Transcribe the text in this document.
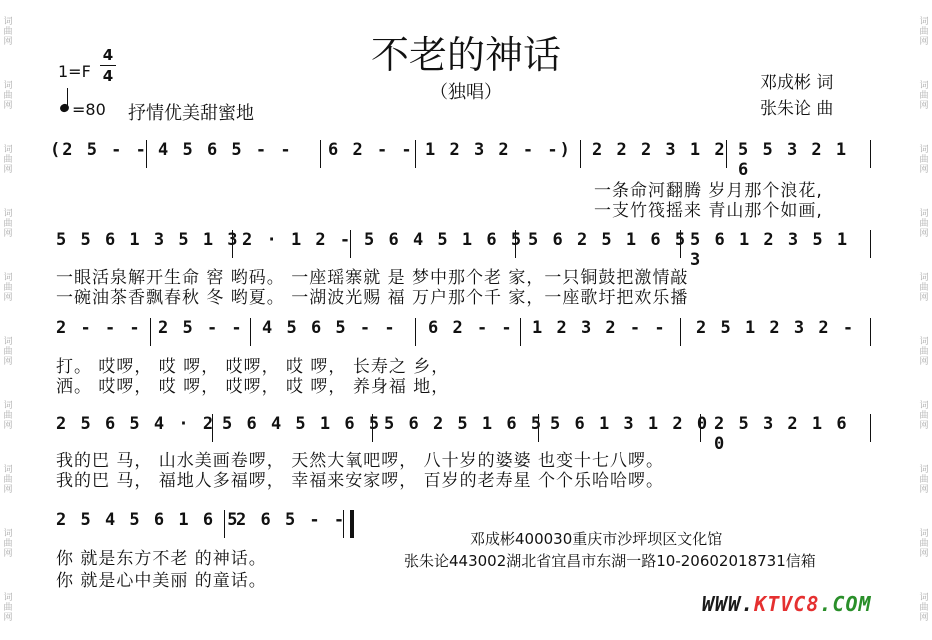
词
曲
网
词
曲
网
词
曲
网
词
曲
网
词
曲
网
词
曲
网
词
曲
网
词
曲
网
词
曲
网
词
曲
网
词
曲
网
词
曲
网
词
曲
网
词
曲
网
词
曲
网
词
曲
网
词
曲
网
词
曲
网
词
曲
网
词
曲
网
不老的神话
（独唱）
1=F
4
4
=80 抒情优美甜蜜地
邓成彬 词
张朱论 曲
(2 5 - - 4 5 6 5 - - 6 2 - - 1 2 3 2 - -) 2 2 2 3 1 2 5 5 3 2 1 6
一条命河翻腾 岁月那个浪花,
一支竹筏摇来 青山那个如画,
5 5 6 1 3 5 1 3 2 · 1 2 - 5 6 4 5 1 6 5 5 6 2 5 1 6 5 5 6 1 2 3 5 1 3
一眼活泉解开生命 窖 哟码。 一座瑶寨就 是 梦中那个老 家，一只铜鼓把激情敲
一碗油茶香飘春秋 冬 哟夏。 一湖波光赐 福 万户那个千 家，一座歌圩把欢乐播
2 - - - 2 5 - - 4 5 6 5 - - 6 2 - - 1 2 3 2 - - 2 5 1 2 3 2 -
打。 哎啰， 哎 啰， 哎啰， 哎 啰， 长寿之 乡，
洒。 哎啰， 哎 啰， 哎啰， 哎 啰， 养身福 地，
2 5 6 5 4 · 2 5 6 4 5 1 6 5 5 6 2 5 1 6 5 5 6 1 3 1 2 0 2 5 3 2 1 6 0
我的巴 马， 山水美画卷啰， 天然大氧吧啰， 八十岁的婆婆 也变十七八啰。
我的巴 马， 福地人多福啰， 幸福来安家啰， 百岁的老寿星 个个乐哈哈啰。
2 5 4 5 6 1 6 5
2 6 5 - -
你 就是东方不老 的神话。
你 就是心中美丽 的童话。
邓成彬400030重庆市沙坪坝区文化馆
张朱论443002湖北省宜昌市东湖一路10-20602018731信箱
WWW.KTVC8.COM
